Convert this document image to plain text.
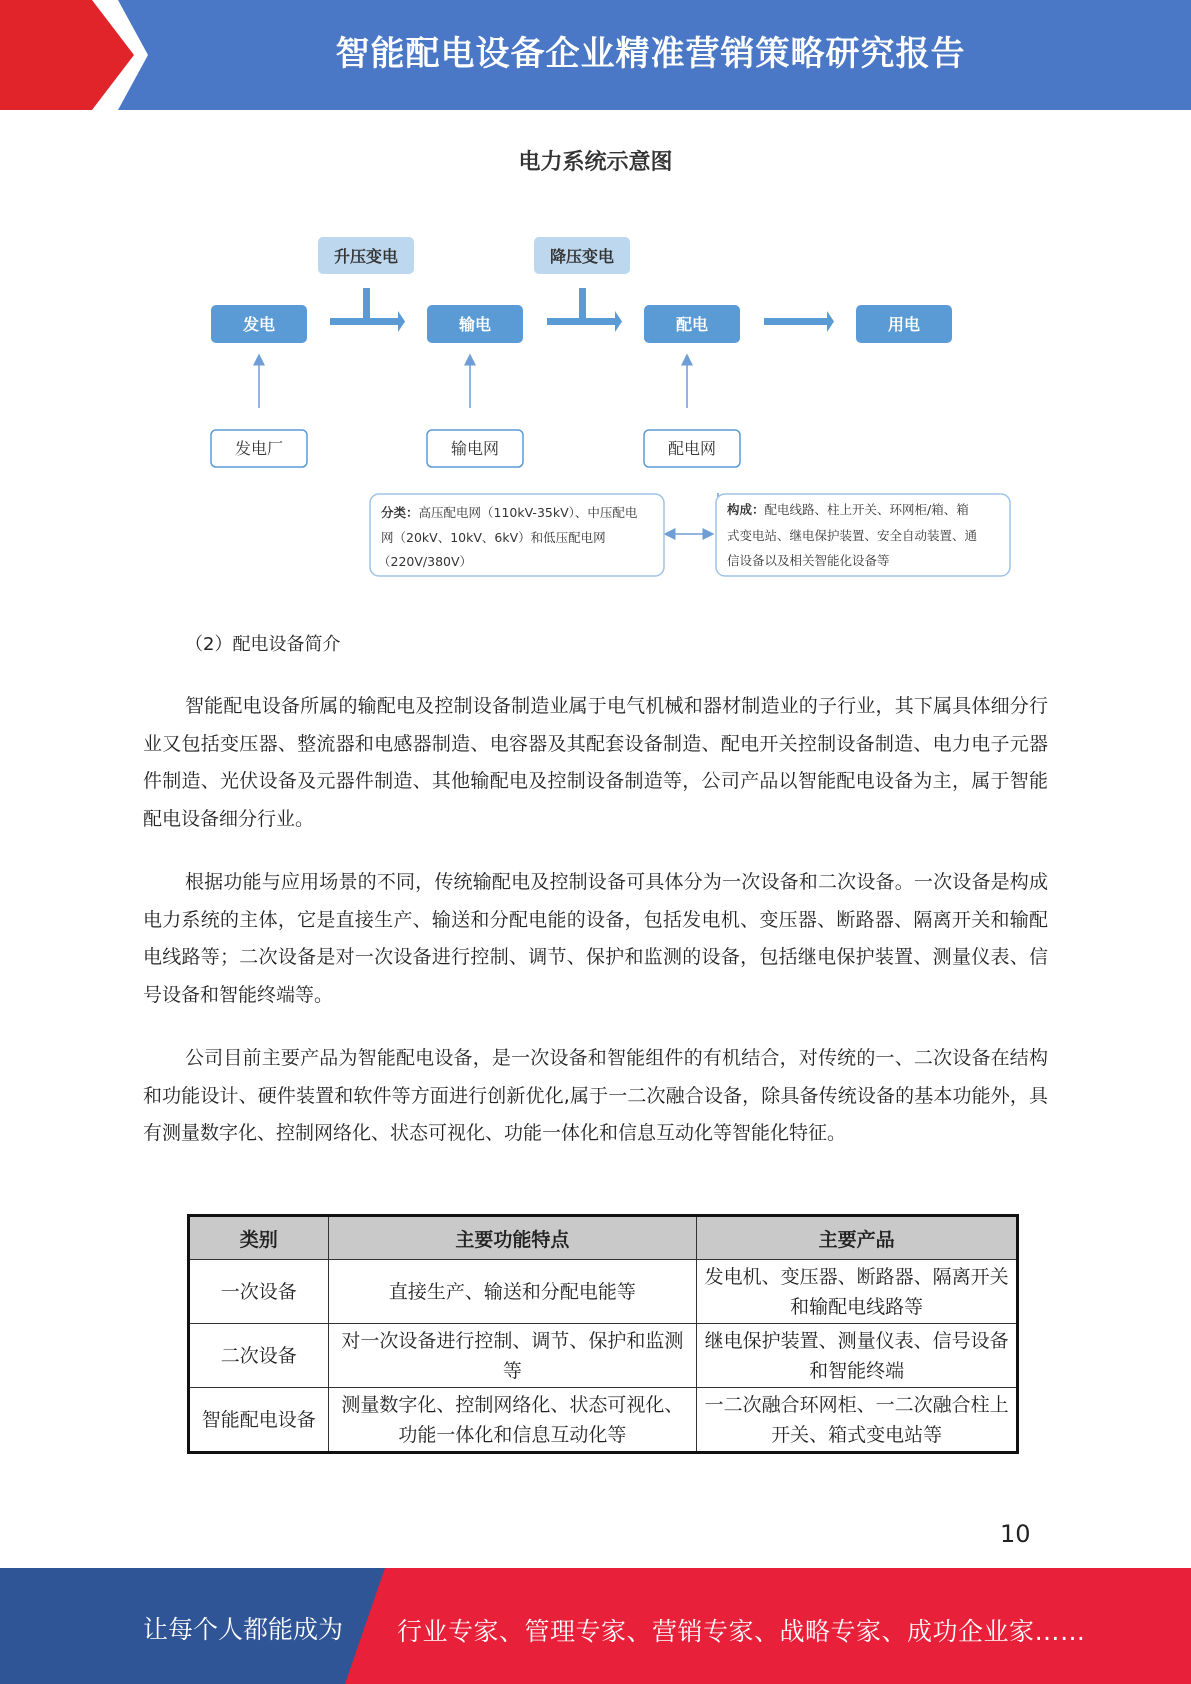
智能配电设备企业精准营销策略研究报告
电力系统示意图
升压变电	降压变电
发电	输电	配电	用电
发电厂	输电网	配电网
分类：高压配电网（110kV-35kV）、中压配电
网（20kV、10kV、6kV）和低压配电网
（220V/380V）
构成：配电线路、柱上开关、环网柜/箱、箱
式变电站、继电保护装置、安全自动装置、通
信设备以及相关智能化设备等
（2）配电设备简介

智能配电设备所属的输配电及控制设备制造业属于电气机械和器材制造业的子行业，其下属具体细分行业又包括变压器、整流器和电感器制造、电容器及其配套设备制造、配电开关控制设备制造、电力电子元器件制造、光伏设备及元器件制造、其他输配电及控制设备制造等，公司产品以智能配电设备为主，属于智能配电设备细分行业。

根据功能与应用场景的不同，传统输配电及控制设备可具体分为一次设备和二次设备。一次设备是构成电力系统的主体，它是直接生产、输送和分配电能的设备，包括发电机、变压器、断路器、隔离开关和输配电线路等；二次设备是对一次设备进行控制、调节、保护和监测的设备，包括继电保护装置、测量仪表、信号设备和智能终端等。

公司目前主要产品为智能配电设备，是一次设备和智能组件的有机结合，对传统的一、二次设备在结构和功能设计、硬件装置和软件等方面进行创新优化,属于一二次融合设备，除具备传统设备的基本功能外，具有测量数字化、控制网络化、状态可视化、功能一体化和信息互动化等智能化特征。

类别	主要功能特点	主要产品
一次设备	直接生产、输送和分配电能等	发电机、变压器、断路器、隔离开关和输配电线路等
二次设备	对一次设备进行控制、调节、保护和监测等	继电保护装置、测量仪表、信号设备和智能终端
智能配电设备	测量数字化、控制网络化、状态可视化、功能一体化和信息互动化等	一二次融合环网柜、一二次融合柱上开关、箱式变电站等
10
让每个人都能成为 行业专家、管理专家、营销专家、战略专家、成功企业家……
